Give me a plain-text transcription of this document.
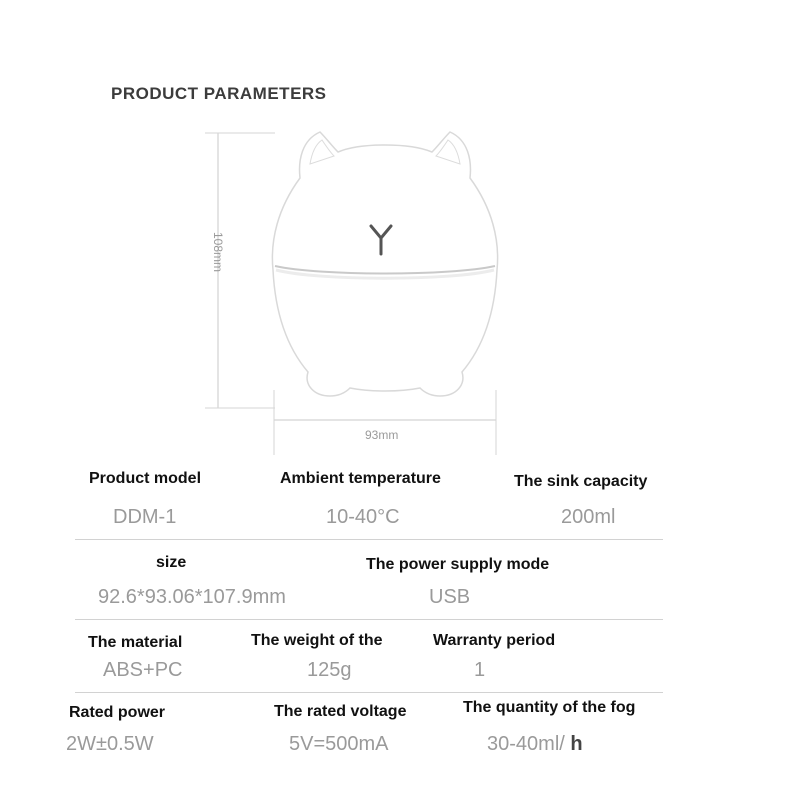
PRODUCT PARAMETERS
108mm
93mm
Product model
DDM-1
Ambient temperature
10-40°C
The sink capacity
200ml
size
92.6*93.06*107.9mm
The power supply mode
USB
The material
ABS+PC
The weight of the
125g
Warranty period
1
Rated power
2W±0.5W
The rated voltage
5V=500mA
The quantity of the fog
30-40ml/ h
